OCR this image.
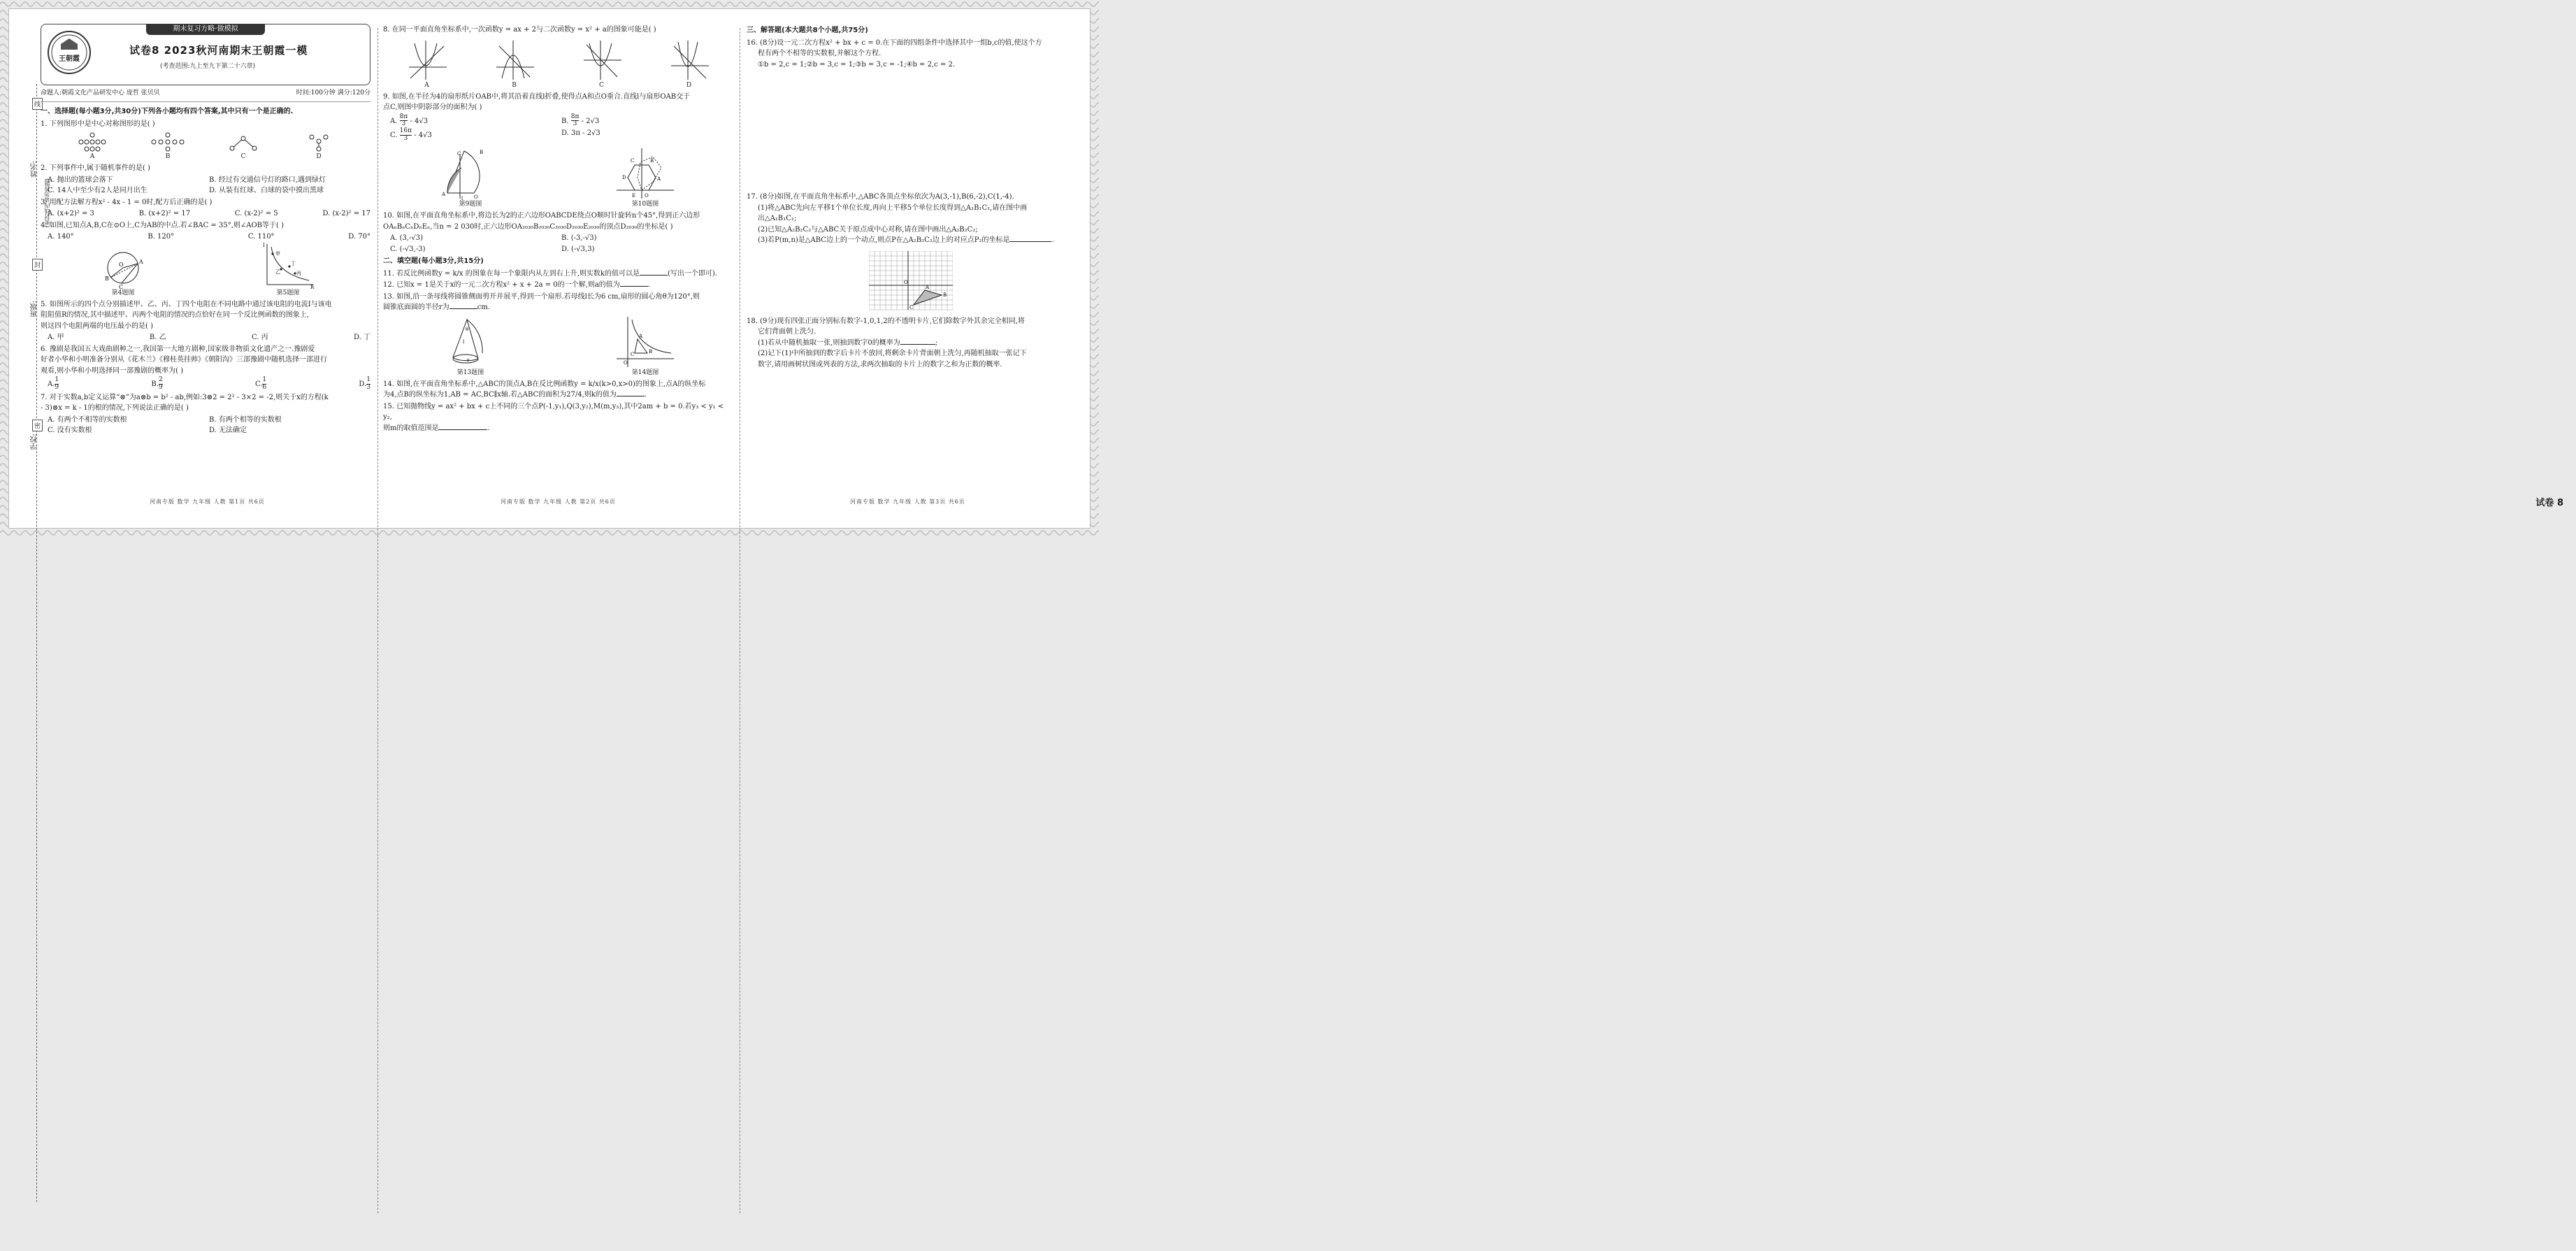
姓名:
班级:
学校:
(密封线内请勿答题)
线
封
密
期末复习方略·做模拟
王朝霞
试卷8 2023秋河南期末王朝霞一模
(考查范围:九上至九下第二十六章)
命题人:朝霞文化产品研发中心 庞哲 张贝贝	时间:100分钟 满分:120分
一、选择题(每小题3分,共30分)下列各小题均有四个答案,其中只有一个是正确的.
1. 下列图形中是中心对称图形的是( )
A	B	C	D
2. 下列事件中,属于随机事件的是( )
A. 抛出的篮球会落下	B. 经过有交通信号灯的路口,遇到绿灯
C. 14人中至少有2人是同月出生	D. 从装有红球、白球的袋中摸出黑球
3. 用配方法解方程x² - 4x - 1 = 0时,配方后正确的是( )
A. (x+2)² = 3	B. (x+2)² = 17	C. (x-2)² = 5	D. (x-2)² = 17
4. 如图,已知点A,B,C在⊙O上,C为AB的中点.若∠BAC = 35°,则∠AOB等于( )
A. 140°	B. 120°	C. 110°	D. 70°
O	A
B
C
第4题图
甲
乙
丁
丙
I
R
第5题图
5. 如图所示的四个点分别描述甲、乙、丙、丁四个电阻在不同电路中通过该电阻的电流I与该电
阻阻值R的情况,其中描述甲、丙两个电阻的情况的点恰好在同一个反比例函数的图象上,
则这四个电阻两端的电压最小的是( )
A. 甲	B. 乙	C. 丙	D. 丁
6. 豫剧是我国五大戏曲剧种之一,我国第一大地方剧种,国家级非物质文化遗产之一.豫剧爱
好者小华和小明准备分别从《花木兰》《穆桂英挂帅》《朝阳沟》三部豫剧中随机选择一部进行
观看,则小华和小明选择同一部豫剧的概率为( )
A. $\frac{1}{9}$	B. $\frac{2}{9}$	C. $\frac{1}{6}$	D. $\frac{1}{3}$
7. 对于实数a,b定义运算“⊗”为a⊗b = b² - ab,例如:3⊗2 = 2² - 3×2 = -2,则关于x的方程(k
- 3)⊗x = k - 1的根的情况,下列说法正确的是( )
A. 有两个不相等的实数根	B. 有两个相等的实数根
C. 没有实数根	D. 无法确定
8. 在同一平面直角坐标系中,一次函数y = ax + 2与二次函数y = x² + a的图象可能是( )
A	B	C	D
9. 如图,在半径为4的扇形纸片OAB中,将其沿着直线l折叠,使得点A和点O重合.直线l与扇形OAB交于
点C,则图中阴影部分的面积为( )
A. $\frac{8\pi}{3} - 4√3$	B. $\frac{8\pi}{3} - 2√3$
C. $\frac{16\pi}{3} - 4√3$	D. 3π - 2√3
A	O
B
C
l
第9题图
E O
D
C	B
A
第10题图
10. 如图,在平面直角坐标系中,将边长为2的正六边形OABCDE绕点O顺时针旋转n个45°,得到正六边形
OAₙBₙCₙDₙEₙ,当n = 2 030时,正六边形OA₂₀₃₀B₂₀₃₀C₂₀₃₀D₂₀₃₀E₂₀₃₀的顶点D₂₀₃₀的坐标是( )
A. (3,-√3)	B. (-3,-√3)
C. (-√3,-3)	D. (-√3,3)
二、填空题(每小题3分,共15分)
11. 若反比例函数y = k/x 的图象在每一个象限内从左到右上升,则实数k的值可以是	(写出一个即可).
12. 已知x = 1是关于x的一元二次方程x² + x + 2a = 0的一个解,则a的值为	.
13. 如图,沿一条母线将圆锥侧面剪开并展平,得到一个扇形.若母线l长为6 cm,扇形的圆心角θ为120°,则
圆锥底面圆的半径r为	cm.
θ
l
r
第13题图
A
B
C
O
第14题图
14. 如图,在平面直角坐标系中,△ABC的顶点A,B在反比例函数y = k/x(k>0,x>0)的图象上,点A的纵坐标
为4,点B的纵坐标为1,AB = AC,BC∥x轴.若△ABC的面积为27/4,则k的值为	.
15. 已知抛物线y = ax² + bx + c上不同的三个点P(-1,y₁),Q(3,y₂),M(m,y₃),其中2am + b = 0.若y₃ < y₁ < y₂,
则m的取值范围是	.
三、解答题(本大题共8个小题,共75分)
16. (8分)设一元二次方程x² + bx + c = 0.在下面的四组条件中选择其中一组b,c的值,使这个方
程有两个不相等的实数根,并解这个方程.
①b = 2,c = 1;②b = 3,c = 1;③b = 3,c = -1;④b = 2,c = 2.
17. (8分)如图,在平面直角坐标系中,△ABC各顶点坐标依次为A(3,-1),B(6,-2),C(1,-4).
(1)将△ABC先向左平移1个单位长度,再向上平移5个单位长度得到△A₁B₁C₁,请在图中画
出△A₁B₁C₁;
(2)已知△A₂B₂C₂与△ABC关于原点成中心对称,请在图中画出△A₂B₂C₂;
(3)若P(m,n)是△ABC边上的一个动点,则点P在△A₂B₂C₂边上的对应点P₂的坐标是	.
O
A
B
C
18. (9分)现有四张正面分别标有数字-1,0,1,2的不透明卡片,它们除数字外其余完全相同,将
它们背面朝上洗匀.
(1)若从中随机抽取一张,则抽到数字0的概率为	;
(2)记下(1)中所抽到的数字后卡片不放回,将剩余卡片背面朝上洗匀,再随机抽取一张记下
数字,请用画树状图或列表的方法,求两次抽取的卡片上的数字之和为正数的概率.
河南专版 数学 九年级 人教 第1页 共6页	河南专版 数学 九年级 人教 第2页 共6页	河南专版 数学 九年级 人教 第3页 共6页	试卷 8
